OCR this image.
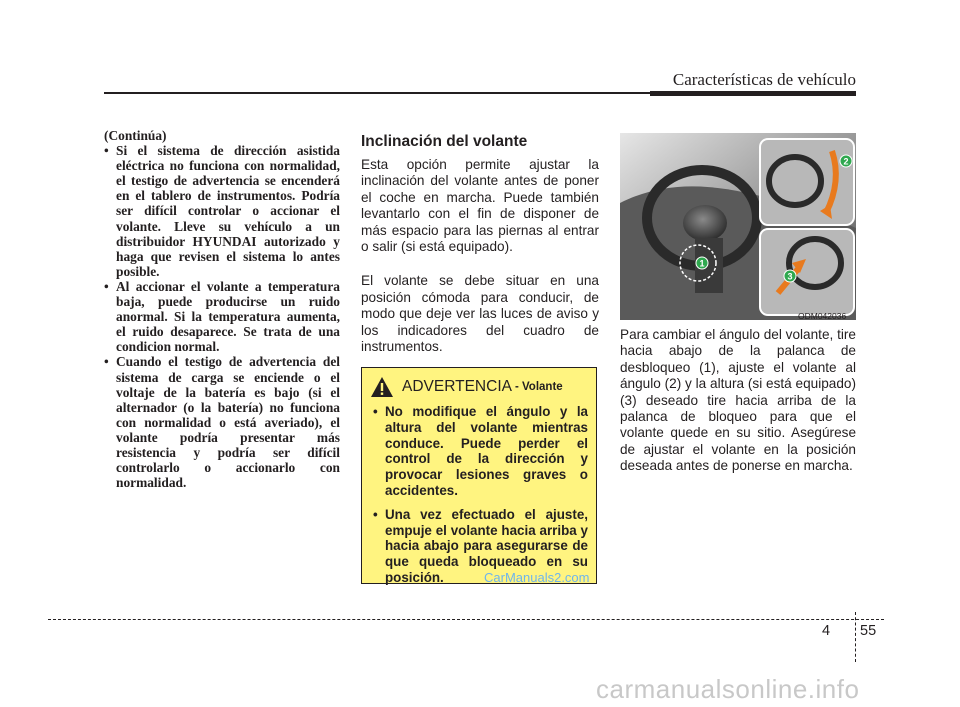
Características de vehículo

(Continúa)

• Si el sistema de dirección asistida eléctrica no funciona con normalidad, el testigo de advertencia se encenderá en el tablero de instrumentos. Podría ser difícil controlar o accionar el volante. Lleve su vehículo a un distribuidor HYUNDAI autorizado y haga que revisen el sistema lo antes posible.
• Al accionar el volante a temperatura baja, puede producirse un ruido anormal. Si la temperatura aumenta, el ruido desaparece. Se trata de una condicion normal.
• Cuando el testigo de advertencia del sistema de carga se enciende o el voltaje de la batería es bajo (si el alternador (o la batería) no funciona con normalidad o está averiado), el volante podría presentar más resistencia y podría ser difícil controlarlo o accionarlo con normalidad.
Inclinación del volante

Esta opción permite ajustar la inclinación del volante antes de poner el coche en marcha. Puede también levantarlo con el fin de disponer de más espacio para las piernas al entrar o salir (si está equipado).

El volante se debe situar en una posición cómoda para conducir, de modo que deje ver las luces de aviso y los indicadores del cuadro de instrumentos.

ADVERTENCIA - Volante
• No modifique el ángulo y la altura del volante mientras conduce. Puede perder el control de la dirección y provocar lesiones graves o accidentes.
• Una vez efectuado el ajuste, empuje el volante hacia arriba y hacia abajo para asegurarse de que queda bloqueado en su posición.	CarManuals2.com
1
2
3
ODM042036

Para cambiar el ángulo del volante, tire hacia abajo de la palanca de desbloqueo (1), ajuste el volante al ángulo (2) y la altura (si está equipado) (3) deseado tire hacia arriba de la palanca de bloqueo para que el volante quede en su sitio. Asegúrese de ajustar el volante en la posición deseada antes de ponerse en marcha.

4 55
carmanualsonline.info
